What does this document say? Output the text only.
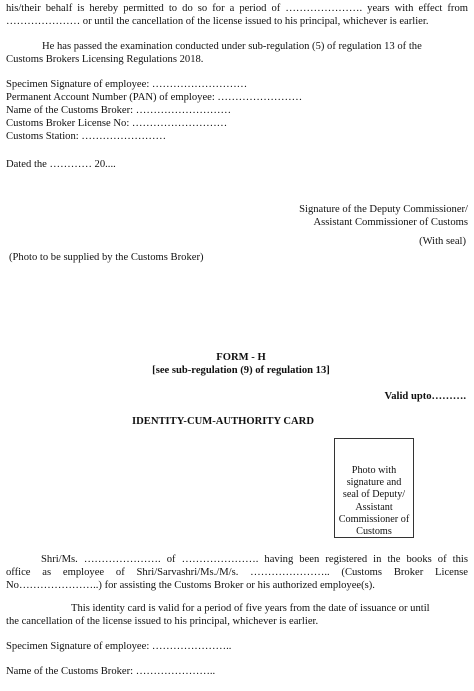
his/their behalf is hereby permitted to do so for a period of …………………. years with effect from
………………… or until the cancellation of the license issued to his principal, whichever is earlier.
He has passed the examination conducted under sub-regulation (5) of regulation 13 of the
Customs Brokers Licensing Regulations 2018.
Specimen Signature of employee: ………………………
Permanent Account Number (PAN) of employee: ……………………
Name of the Customs Broker: ………………………
Customs Broker License No: ………………………
Customs Station: ……………………
Dated the ………… 20....
Signature of the Deputy Commissioner/
Assistant Commissioner of Customs
(With seal)
(Photo to be supplied by the Customs Broker)
FORM - H
[see sub-regulation (9) of regulation 13]
Valid upto……….
IDENTITY-CUM-AUTHORITY CARD
Photo with
signature and
seal of Deputy/
Assistant
Commissioner of
Customs
Shri/Ms. …………………. of …………………. having been registered in the books of this
office as employee of Shri/Sarvashri/Ms./M/s. ………………….. (Customs Broker License
No…………………..) for assisting the Customs Broker or his authorized employee(s).
This identity card is valid for a period of five years from the date of issuance or until
the cancellation of the license issued to his principal, whichever is earlier.
Specimen Signature of employee: …………………..
Name of the Customs Broker: …………………..
